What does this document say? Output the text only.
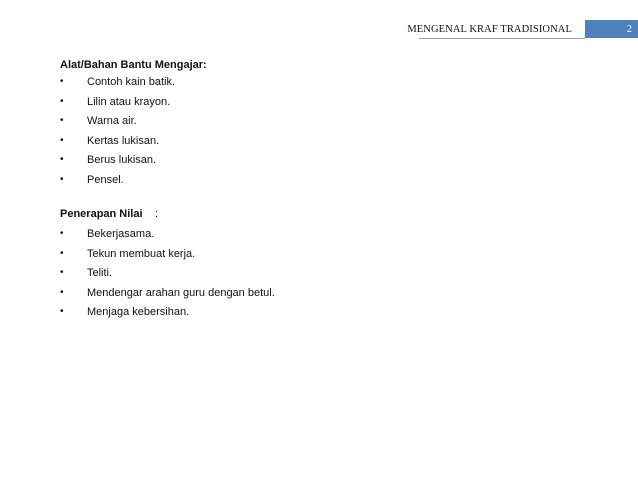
MENGENAL KRAF TRADISIONAL	2
Alat/Bahan Bantu Mengajar:
• Contoh kain batik.
• Lilin atau krayon.
• Warna air.
• Kertas lukisan.
• Berus lukisan.
• Pensel.
Penerapan Nilai :
• Bekerjasama.
• Tekun membuat kerja.
• Teliti.
• Mendengar arahan guru dengan betul.
• Menjaga kebersihan.
